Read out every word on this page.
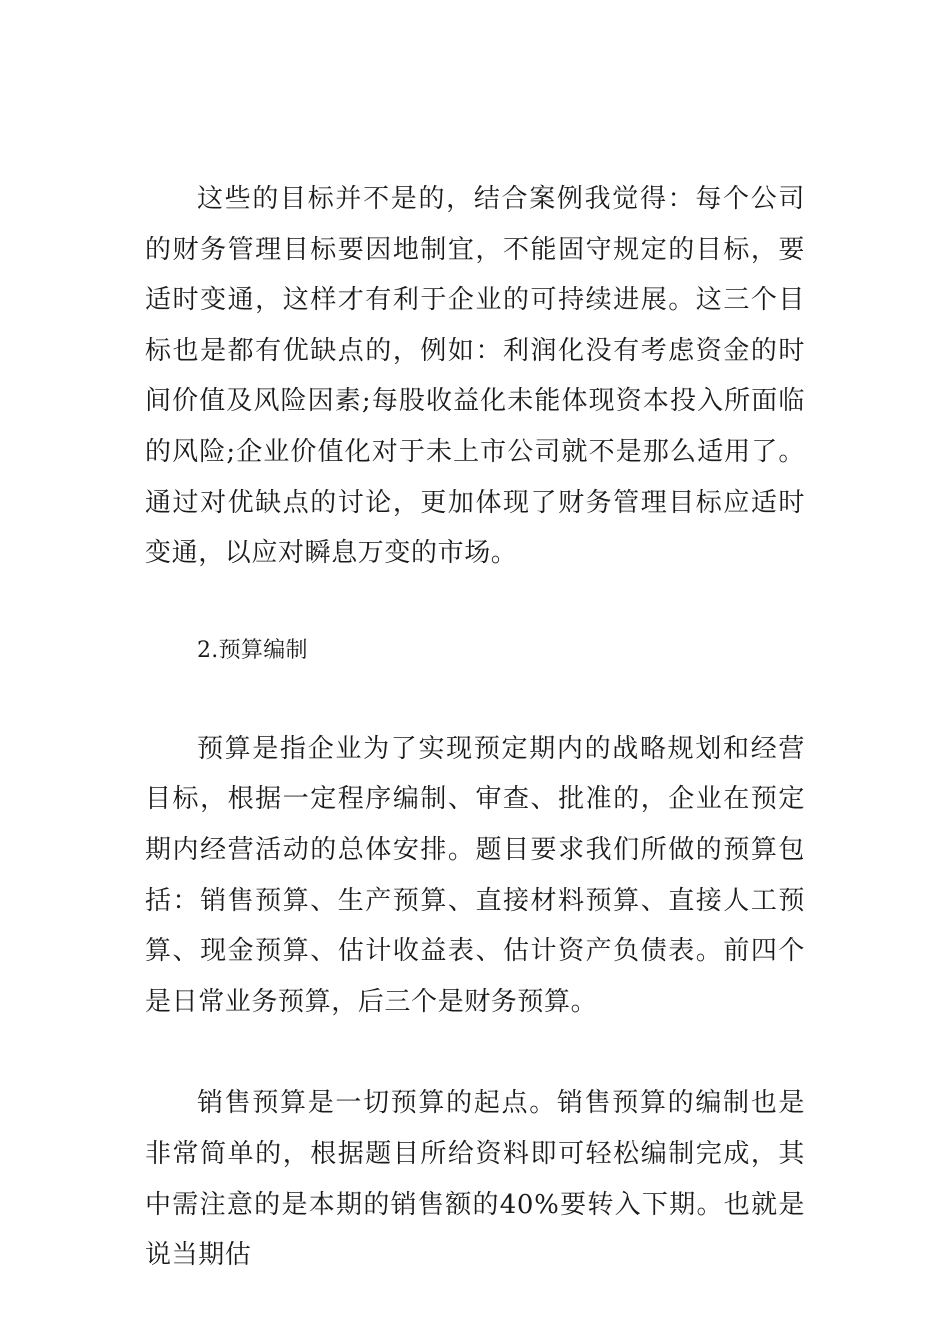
这些的目标并不是的，结合案例我觉得：每个公司的财务管理目标要因地制宜，不能固守规定的目标，要适时变通，这样才有利于企业的可持续进展。这三个目标也是都有优缺点的，例如：利润化没有考虑资金的时间价值及风险因素;每股收益化未能体现资本投入所面临的风险;企业价值化对于未上市公司就不是那么适用了。通过对优缺点的讨论，更加体现了财务管理目标应适时变通，以应对瞬息万变的市场。

2.预算编制

预算是指企业为了实现预定期内的战略规划和经营目标，根据一定程序编制、审查、批准的，企业在预定期内经营活动的总体安排。题目要求我们所做的预算包括：销售预算、生产预算、直接材料预算、直接人工预算、现金预算、估计收益表、估计资产负债表。前四个是日常业务预算，后三个是财务预算。

销售预算是一切预算的起点。销售预算的编制也是非常简单的，根据题目所给资料即可轻松编制完成，其中需注意的是本期的销售额的40%要转入下期。也就是说当期估
